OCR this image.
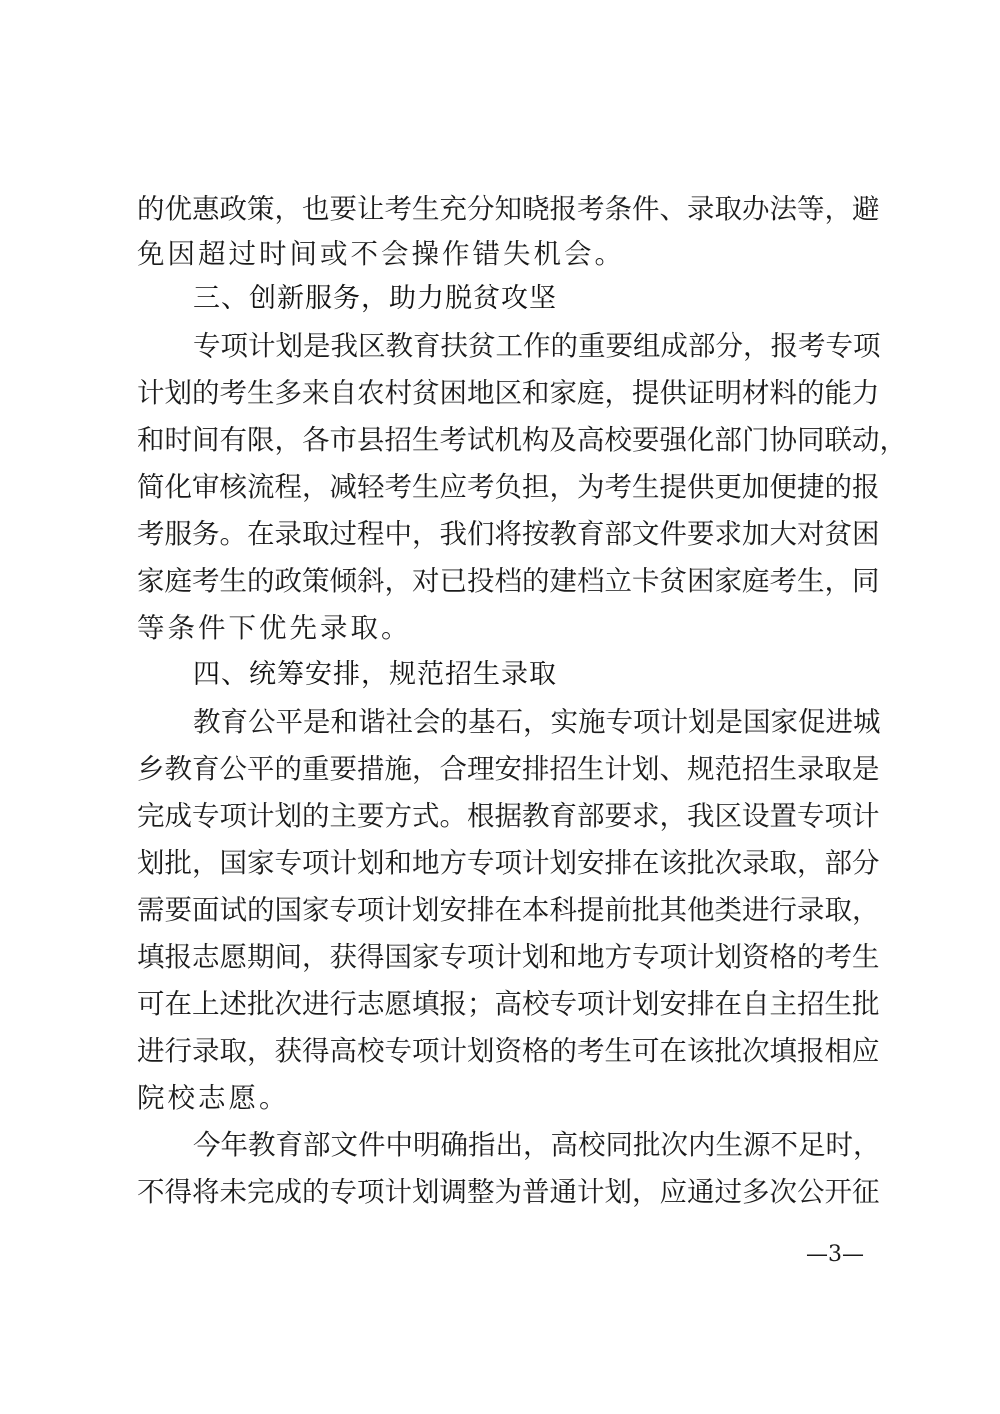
的优惠政策，也要让考生充分知晓报考条件、录取办法等，避
免因超过时间或不会操作错失机会。
三、创新服务，助力脱贫攻坚
专项计划是我区教育扶贫工作的重要组成部分，报考专项
计划的考生多来自农村贫困地区和家庭，提供证明材料的能力
和时间有限，各市县招生考试机构及高校要强化部门协同联动，
简化审核流程，减轻考生应考负担，为考生提供更加便捷的报
考服务。在录取过程中，我们将按教育部文件要求加大对贫困
家庭考生的政策倾斜，对已投档的建档立卡贫困家庭考生，同
等条件下优先录取。
四、统筹安排，规范招生录取
教育公平是和谐社会的基石，实施专项计划是国家促进城
乡教育公平的重要措施，合理安排招生计划、规范招生录取是
完成专项计划的主要方式。根据教育部要求，我区设置专项计
划批，国家专项计划和地方专项计划安排在该批次录取，部分
需要面试的国家专项计划安排在本科提前批其他类进行录取，
填报志愿期间，获得国家专项计划和地方专项计划资格的考生
可在上述批次进行志愿填报；高校专项计划安排在自主招生批
进行录取，获得高校专项计划资格的考生可在该批次填报相应
院校志愿。
今年教育部文件中明确指出，高校同批次内生源不足时，
不得将未完成的专项计划调整为普通计划，应通过多次公开征
—3—
